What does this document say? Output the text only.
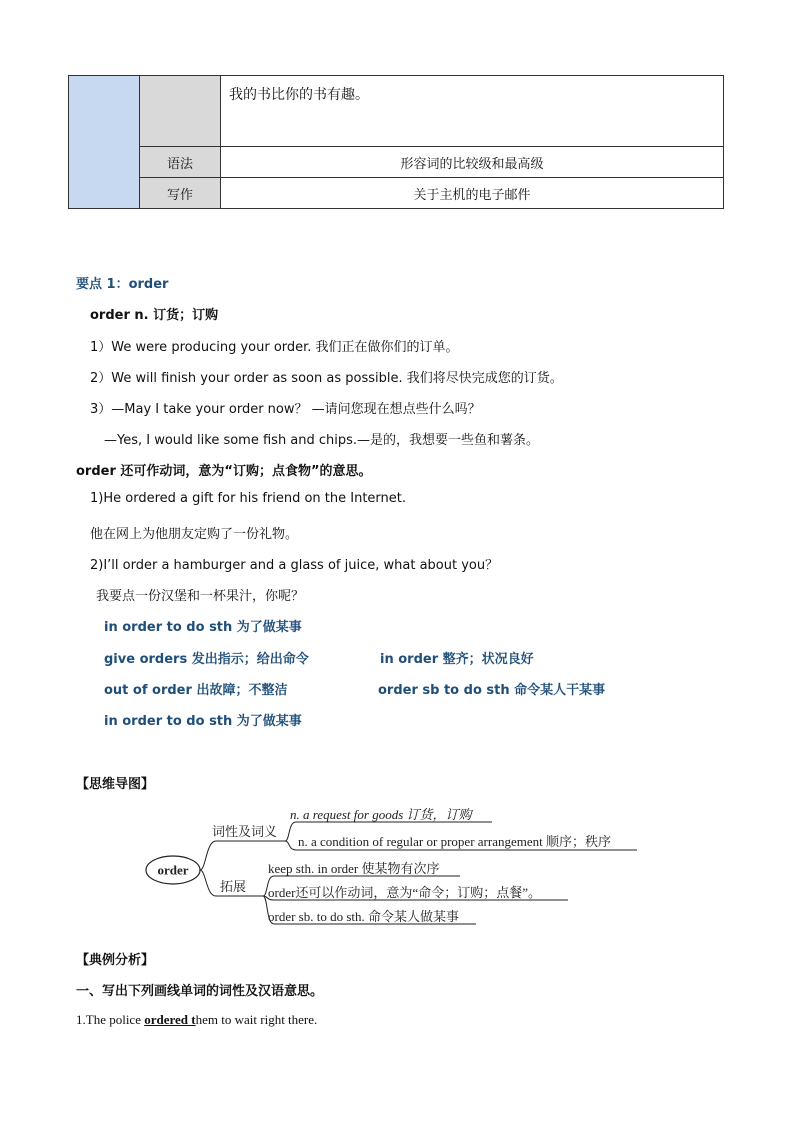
		我的书比你的书有趣。
	语法	形容词的比较级和最高级
	写作	关于主机的电子邮件
要点 1：order
order n. 订货；订购
1）We were producing your order. 我们正在做你们的订单。
2）We will finish your order as soon as possible. 我们将尽快完成您的订货。
3）—May I take your order now？ —请问您现在想点些什么吗？
—Yes, I would like some fish and chips.—是的，我想要一些鱼和薯条。
order 还可作动词，意为“订购；点食物”的意思。
1)He ordered a gift for his friend on the Internet.
他在网上为他朋友定购了一份礼物。
2)I’ll order a hamburger and a glass of juice, what about you？
我要点一份汉堡和一杯果汁，你呢？
in order to do sth 为了做某事
give orders 发出指示；给出命令	in order 整齐；状况良好
out of order 出故障；不整洁	order sb to do sth 命令某人干某事
in order to do sth 为了做某事
【思维导图】
order
词性及词义
拓展
n. a request for goods 订货，订购
n. a condition of regular or proper arrangement 顺序；秩序
keep sth. in order 使某物有次序
order还可以作动词，意为“命令；订购；点餐”。
order sb. to do sth. 命令某人做某事
【典例分析】
一、写出下列画线单词的词性及汉语意思。
1.The police ordered them to wait right there.
